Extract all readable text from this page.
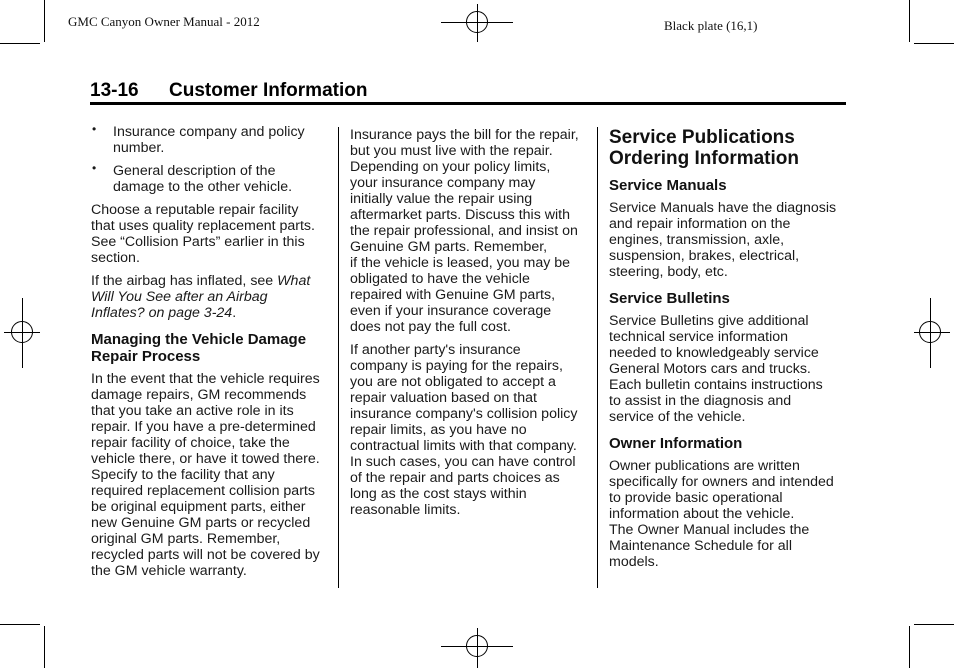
GMC Canyon Owner Manual - 2012	Black plate (16,1)
13-16 Customer Information
• Insurance company and policy
number.
• General description of the
damage to the other vehicle.

Choose a reputable repair facility
that uses quality replacement parts.
See “Collision Parts” earlier in this
section.

If the airbag has inflated, see What
Will You See after an Airbag
Inflates? on page 3-24.

Managing the Vehicle Damage
Repair Process

In the event that the vehicle requires
damage repairs, GM recommends
that you take an active role in its
repair. If you have a pre-determined
repair facility of choice, take the
vehicle there, or have it towed there.
Specify to the facility that any
required replacement collision parts
be original equipment parts, either
new Genuine GM parts or recycled
original GM parts. Remember,
recycled parts will not be covered by
the GM vehicle warranty.

Insurance pays the bill for the repair,
but you must live with the repair.
Depending on your policy limits,
your insurance company may
initially value the repair using
aftermarket parts. Discuss this with
the repair professional, and insist on
Genuine GM parts. Remember,
if the vehicle is leased, you may be
obligated to have the vehicle
repaired with Genuine GM parts,
even if your insurance coverage
does not pay the full cost.

If another party's insurance
company is paying for the repairs,
you are not obligated to accept a
repair valuation based on that
insurance company's collision policy
repair limits, as you have no
contractual limits with that company.
In such cases, you can have control
of the repair and parts choices as
long as the cost stays within
reasonable limits.

Service Publications
Ordering Information
Service Manuals

Service Manuals have the diagnosis
and repair information on the
engines, transmission, axle,
suspension, brakes, electrical,
steering, body, etc.

Service Bulletins

Service Bulletins give additional
technical service information
needed to knowledgeably service
General Motors cars and trucks.
Each bulletin contains instructions
to assist in the diagnosis and
service of the vehicle.

Owner Information

Owner publications are written
specifically for owners and intended
to provide basic operational
information about the vehicle.
The Owner Manual includes the
Maintenance Schedule for all
models.
